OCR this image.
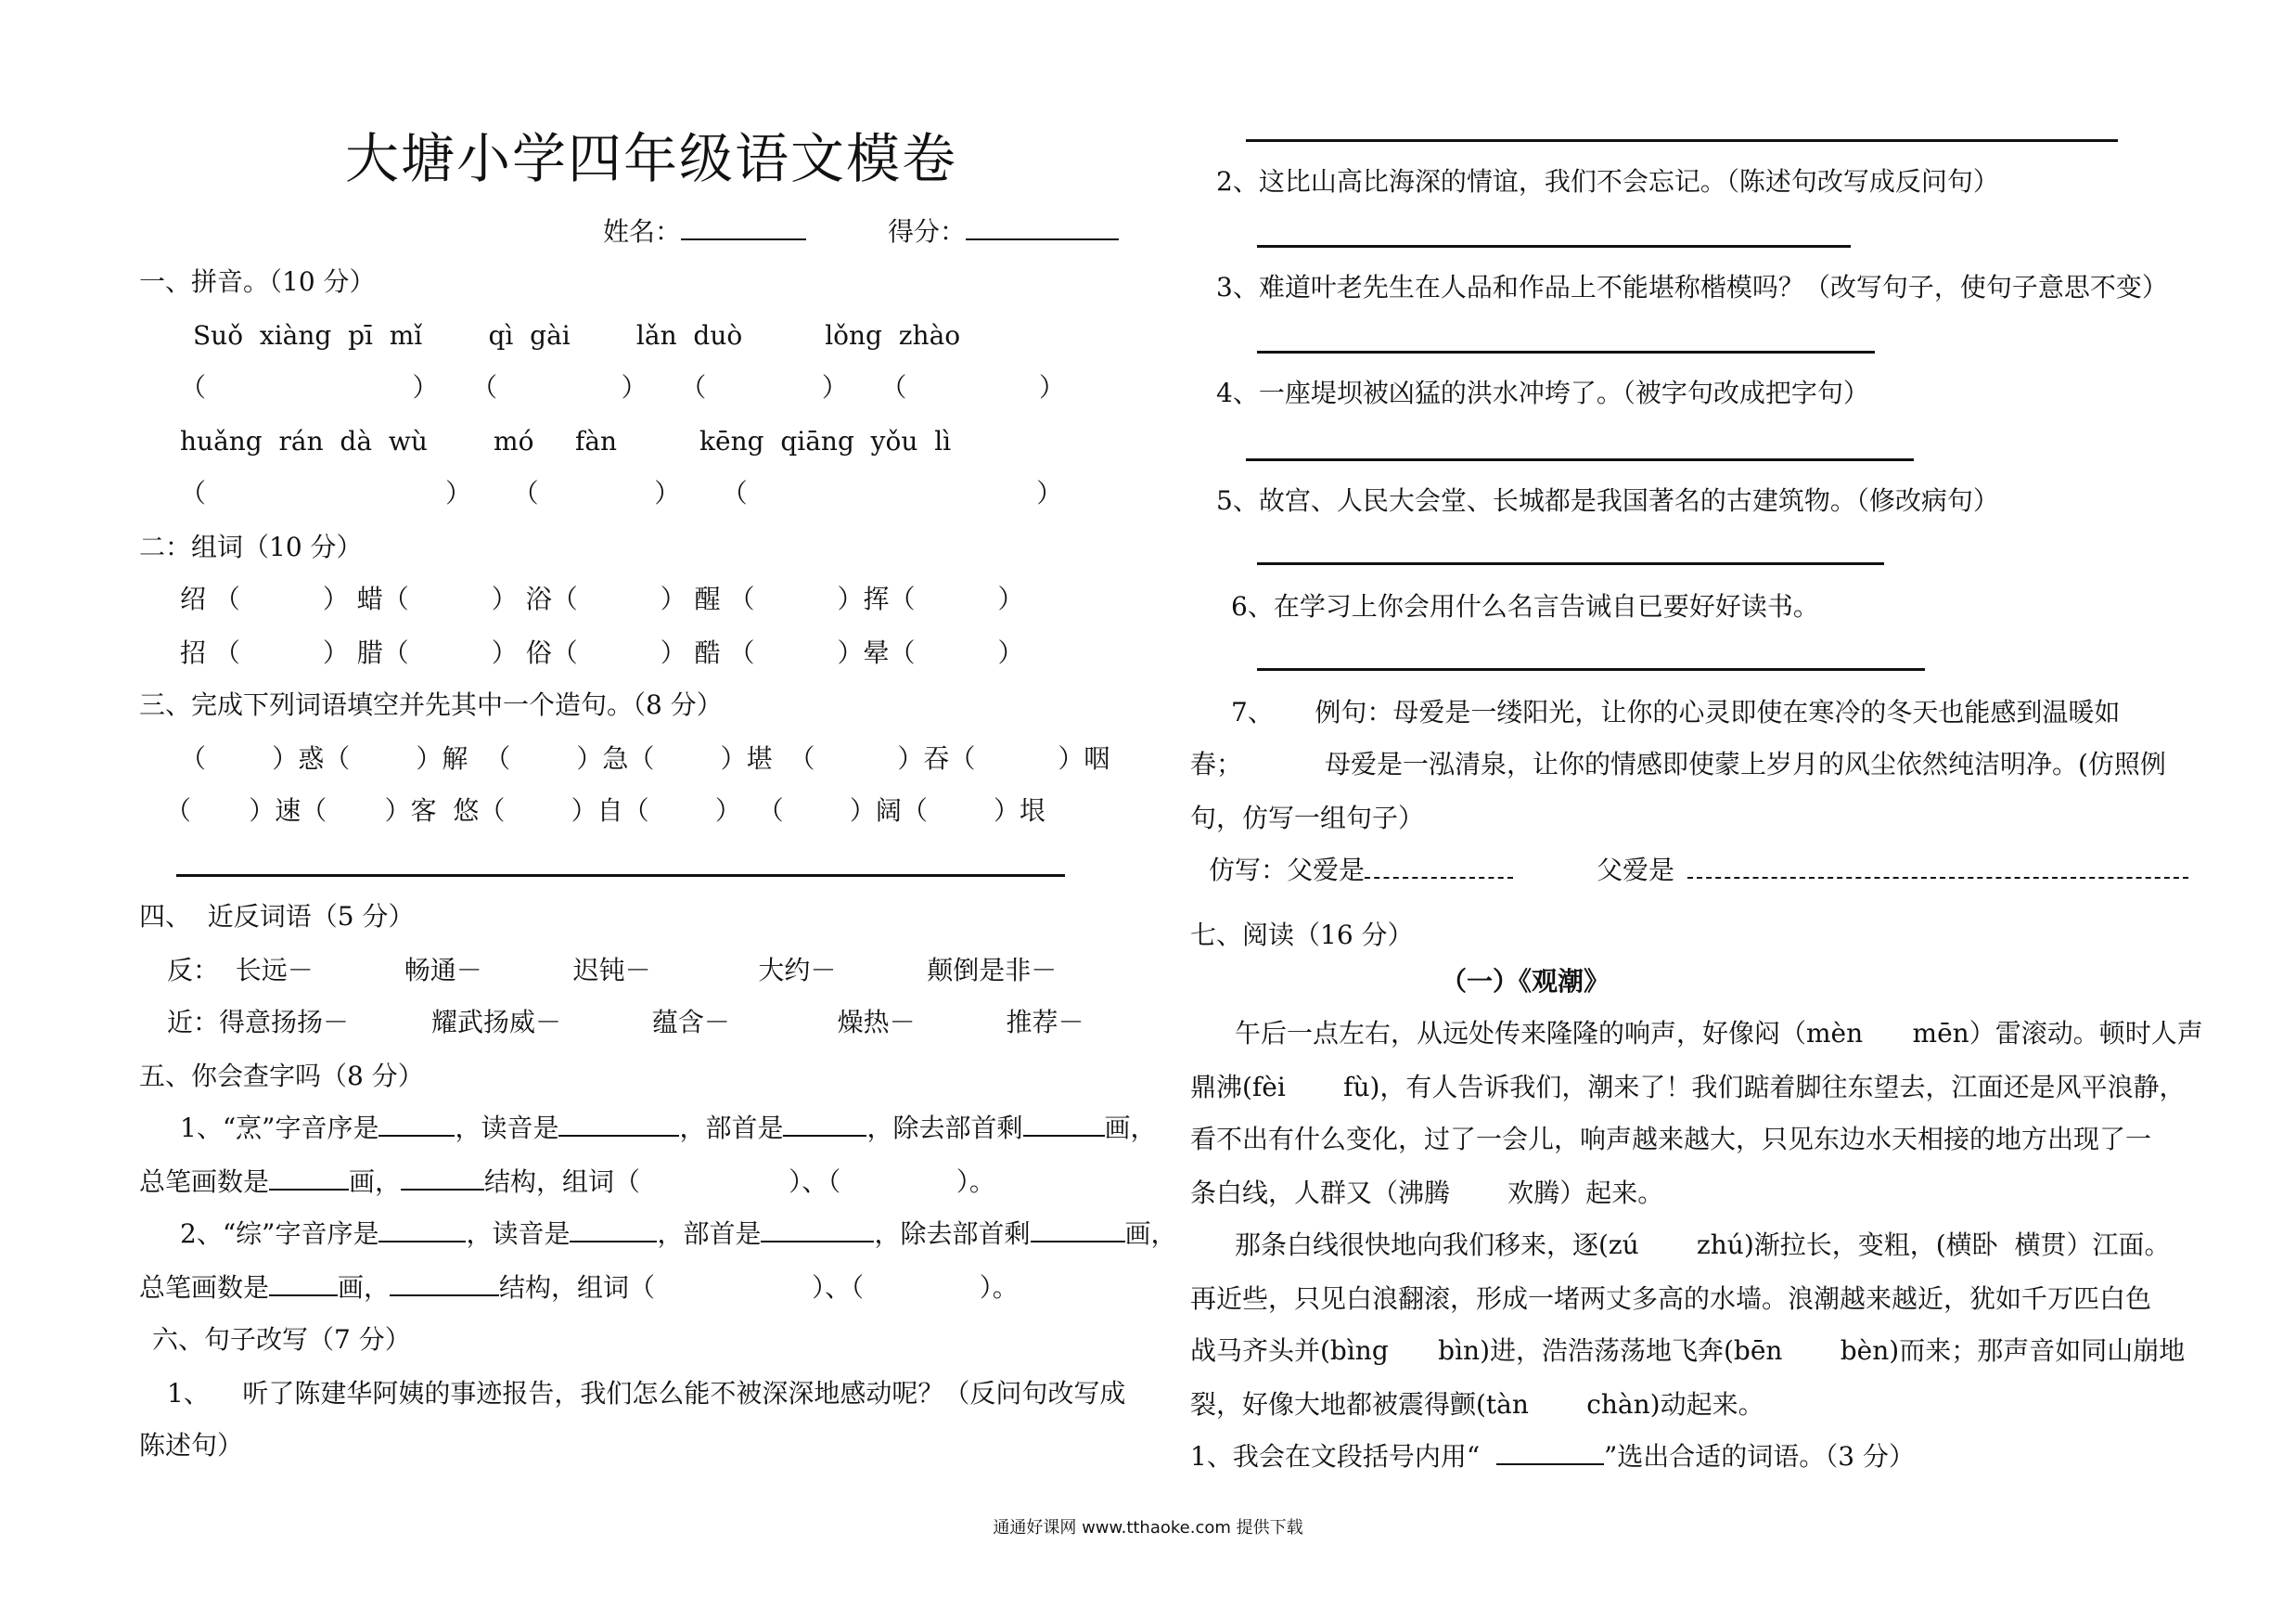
大塘小学四年级语文模卷
姓名：	得分：
一、拼音。（10 分）
Suǒ  xiàng  pī  mǐ        qì  gài        lǎn  duò          lǒng  zhào
（                         ）    （               ）    （              ）    （                ）
huǎng  rán  dà  wù        mó     fàn          kēng  qiāng  yǒu  lì
（                             ）     （              ）     （                                   ）
二：组词（10 分）
绍 （          ） 蜡（          ） 浴（          ） 醒 （          ）挥（          ）
招 （          ） 腊（          ） 俗（          ） 酷 （          ）晕（          ）
三、完成下列词语填空并先其中一个造句。（8 分）
（        ）惑（        ）解  （        ）急（        ）堪  （          ）吞（          ）咽
（       ）速（       ）客  悠（        ）自（        ）  （        ）阔（        ）垠
四、  近反词语（5 分）
反：  长远－           畅通－           迟钝－             大约－           颠倒是非－
近：得意扬扬－          耀武扬威－           蕴含－             燥热－           推荐－
五、你会查字吗（8 分）
1、“烹”字音序是	，读音是	，部首是	，除去部首剩	画，
总笔画数是	画，	结构，组词（                  ）、（              ）。
2、“综”字音序是	，读音是	，部首是	，除去部首剩	画，
总笔画数是	画，	结构，组词（                   ）、（              ）。
六、句子改写（7 分）
1、    听了陈建华阿姨的事迹报告，我们怎么能不被深深地感动呢？（反问句改写成
陈述句）
2、这比山高比海深的情谊，我们不会忘记。（陈述句改写成反问句）
3、难道叶老先生在人品和作品上不能堪称楷模吗？（改写句子，使句子意思不变）
4、一座堤坝被凶猛的洪水冲垮了。（被字句改成把字句）
5、故宫、人民大会堂、长城都是我国著名的古建筑物。（修改病句）
6、在学习上你会用什么名言告诫自已要好好读书。
7、     例句：母爱是一缕阳光，让你的心灵即使在寒冷的冬天也能感到温暖如
春；          母爱是一泓清泉，让你的情感即使蒙上岁月的风尘依然纯洁明净。(仿照例
句，仿写一组句子）
仿写：父爱是	父爱是
七、阅读（16 分）
（一）《观潮》
午后一点左右，从远处传来隆隆的响声，好像闷（mèn      mēn）雷滚动。顿时人声
鼎沸(fèi       fù)，有人告诉我们，潮来了！我们踮着脚往东望去，江面还是风平浪静，
看不出有什么变化，过了一会儿，响声越来越大，只见东边水天相接的地方出现了一
条白线，人群又（沸腾       欢腾）起来。
那条白线很快地向我们移来，逐(zú       zhú)渐拉长，变粗，(横卧  横贯）江面。
再近些，只见白浪翻滚，形成一堵两丈多高的水墙。浪潮越来越近，犹如千万匹白色
战马齐头并(bìng      bìn)进，浩浩荡荡地飞奔(bēn       bèn)而来；那声音如同山崩地
裂，好像大地都被震得颤(tàn       chàn)动起来。
1、我会在文段括号内用“	”选出合适的词语。（3 分）
通通好课网 www.tthaoke.com 提供下载
